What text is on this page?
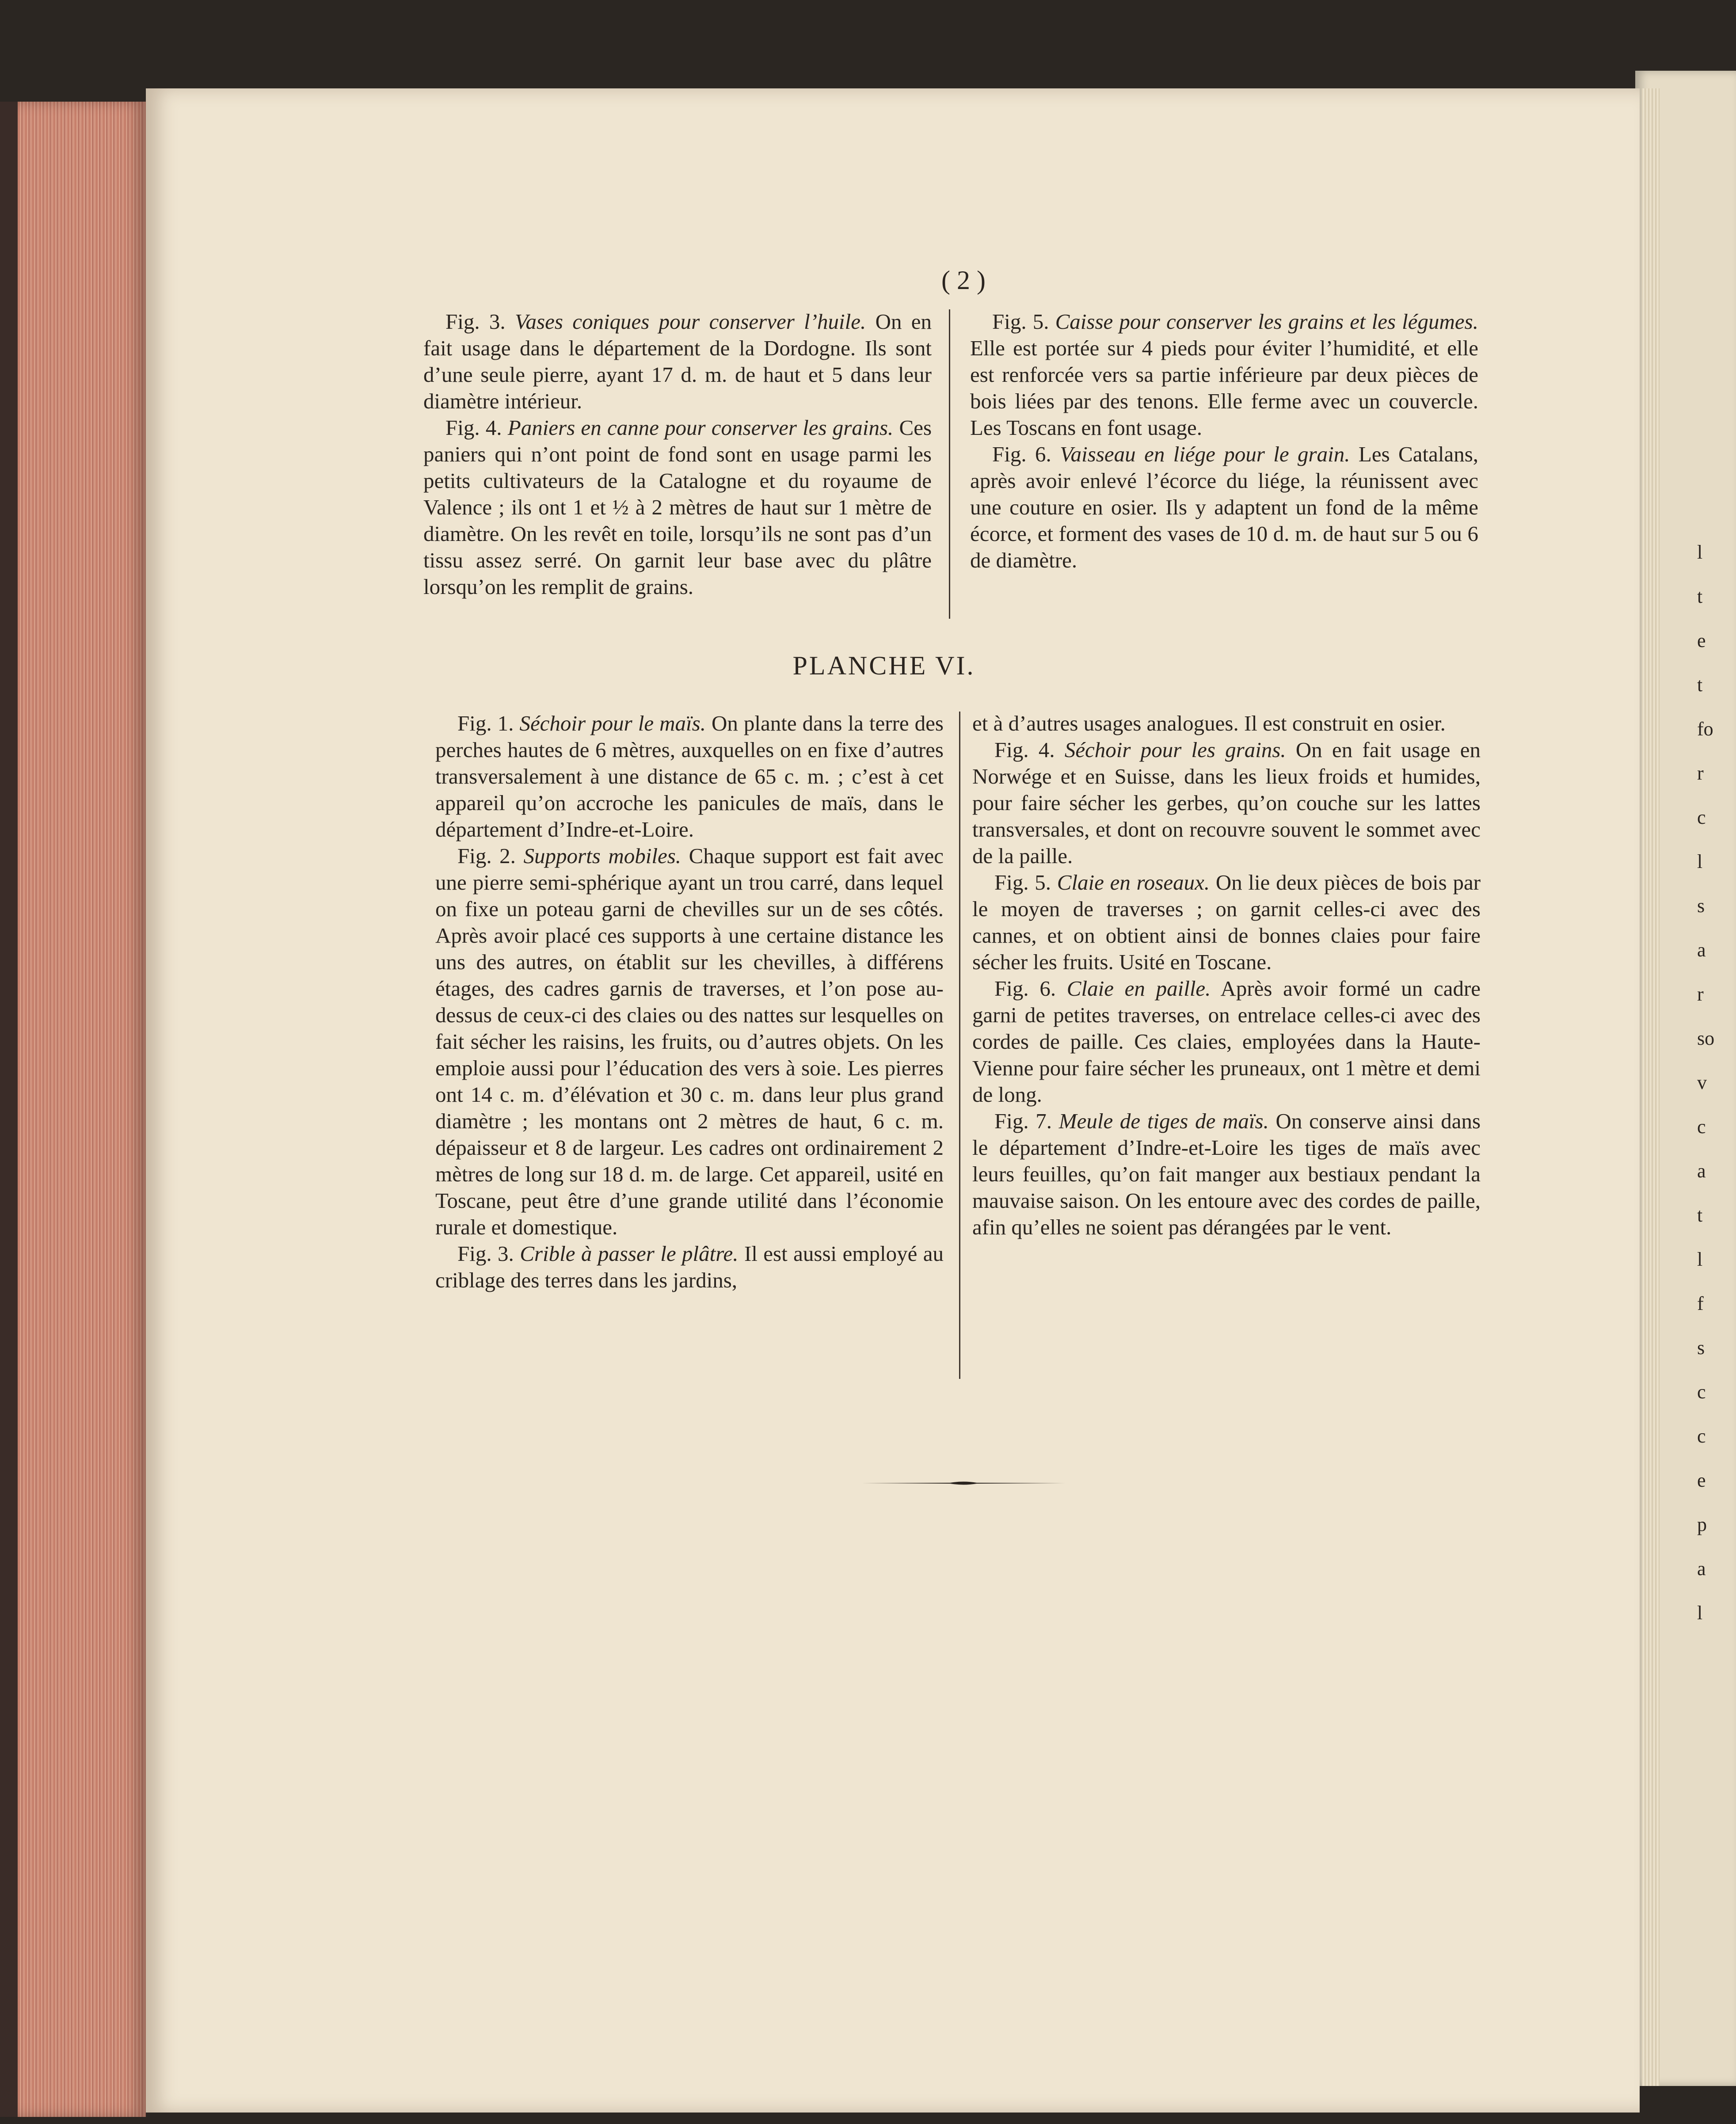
( 2 )

Fig. 3. Vases coniques pour conserver l’huile. On en fait usage dans le département de la Dordogne. Ils sont d’une seule pierre, ayant 17 d. m. de haut et 5 dans leur diamètre intérieur.

Fig. 4. Paniers en canne pour conserver les grains. Ces paniers qui n’ont point de fond sont en usage parmi les petits cultivateurs de la Catalogne et du royaume de Valence ; ils ont 1 et ½ à 2 mètres de haut sur 1 mètre de diamètre. On les revêt en toile, lorsqu’ils ne sont pas d’un tissu assez serré. On garnit leur base avec du plâtre lorsqu’on les remplit de grains.

Fig. 5. Caisse pour conserver les grains et les légumes. Elle est portée sur 4 pieds pour éviter l’humidité, et elle est renforcée vers sa partie inférieure par deux pièces de bois liées par des tenons. Elle ferme avec un couvercle. Les Toscans en font usage.

Fig. 6. Vaisseau en liége pour le grain. Les Catalans, après avoir enlevé l’écorce du liége, la réunissent avec une couture en osier. Ils y adaptent un fond de la même écorce, et forment des vases de 10 d. m. de haut sur 5 ou 6 de diamètre.

PLANCHE VI.

Fig. 1. Séchoir pour le maïs. On plante dans la terre des perches hautes de 6 mètres, auxquelles on en fixe d’autres transversalement à une distance de 65 c. m. ; c’est à cet appareil qu’on accroche les panicules de maïs, dans le département d’Indre-et-Loire.

Fig. 2. Supports mobiles. Chaque support est fait avec une pierre semi-sphérique ayant un trou carré, dans lequel on fixe un poteau garni de chevilles sur un de ses côtés. Après avoir placé ces supports à une certaine distance les uns des autres, on établit sur les chevilles, à différens étages, des cadres garnis de traverses, et l’on pose au-dessus de ceux-ci des claies ou des nattes sur lesquelles on fait sécher les raisins, les fruits, ou d’autres objets. On les emploie aussi pour l’éducation des vers à soie. Les pierres ont 14 c. m. d’élévation et 30 c. m. dans leur plus grand diamètre ; les montans ont 2 mètres de haut, 6 c. m. dépaisseur et 8 de largeur. Les cadres ont ordinairement 2 mètres de long sur 18 d. m. de large. Cet appareil, usité en Toscane, peut être d’une grande utilité dans l’économie rurale et domestique.

Fig. 3. Crible à passer le plâtre. Il est aussi employé au criblage des terres dans les jardins,

et à d’autres usages analogues. Il est construit en osier.

Fig. 4. Séchoir pour les grains. On en fait usage en Norwége et en Suisse, dans les lieux froids et humides, pour faire sécher les gerbes, qu’on couche sur les lattes transversales, et dont on recouvre souvent le sommet avec de la paille.

Fig. 5. Claie en roseaux. On lie deux pièces de bois par le moyen de traverses ; on garnit celles-ci avec des cannes, et on obtient ainsi de bonnes claies pour faire sécher les fruits. Usité en Toscane.

Fig. 6. Claie en paille. Après avoir formé un cadre garni de petites traverses, on entrelace celles-ci avec des cordes de paille. Ces claies, employées dans la Haute-Vienne pour faire sécher les pruneaux, ont 1 mètre et demi de long.

Fig. 7. Meule de tiges de maïs. On conserve ainsi dans le département d’Indre-et-Loire les tiges de maïs avec leurs feuilles, qu’on fait manger aux bestiaux pendant la mauvaise saison. On les entoure avec des cordes de paille, afin qu’elles ne soient pas dérangées par le vent.

l
t
e
t
fo
r
c
l
s
a
r
so
v
c
a
t
l
f
s
c
c
e
p
a
l
